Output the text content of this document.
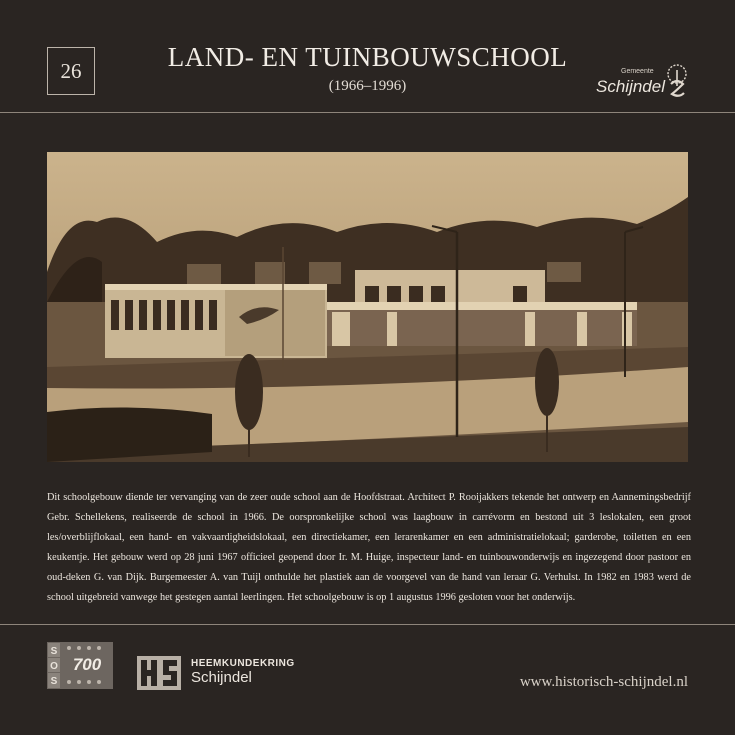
26	LAND- EN TUINBOUWSCHOOL
(1966–1996)
Gemeente
Schijndel
Dit schoolgebouw diende ter vervanging van de zeer oude school aan de Hoofdstraat. Architect P. Rooijakkers tekende het ontwerp en Aannemingsbedrijf Gebr. Schellekens, realiseerde de school in 1966. De oorspronkelijke school was laagbouw in carrévorm en bestond uit 3 leslokalen, een groot les/overblijflokaal, een hand- en vakvaardigheidslokaal, een directiekamer, een lerarenkamer en een administratielokaal; garderobe, toiletten en een keukentje. Het gebouw werd op 28 juni 1967 officieel geopend door Ir. M. Huige, inspecteur land- en tuinbouwonderwijs en ingezegend door pastoor en oud-deken G. van Dijk. Burgemeester A. van Tuijl onthulde het plastiek aan de voorgevel van de hand van leraar G. Verhulst. In 1982 en 1983 werd de school uitgebreid vanwege het gestegen aantal leerlingen. Het schoolgebouw is op 1 augustus 1996 gesloten voor het onderwijs.
S
O
S
700	HEEMKUNDEKRING
Schijndel	www.historisch-schijndel.nl
